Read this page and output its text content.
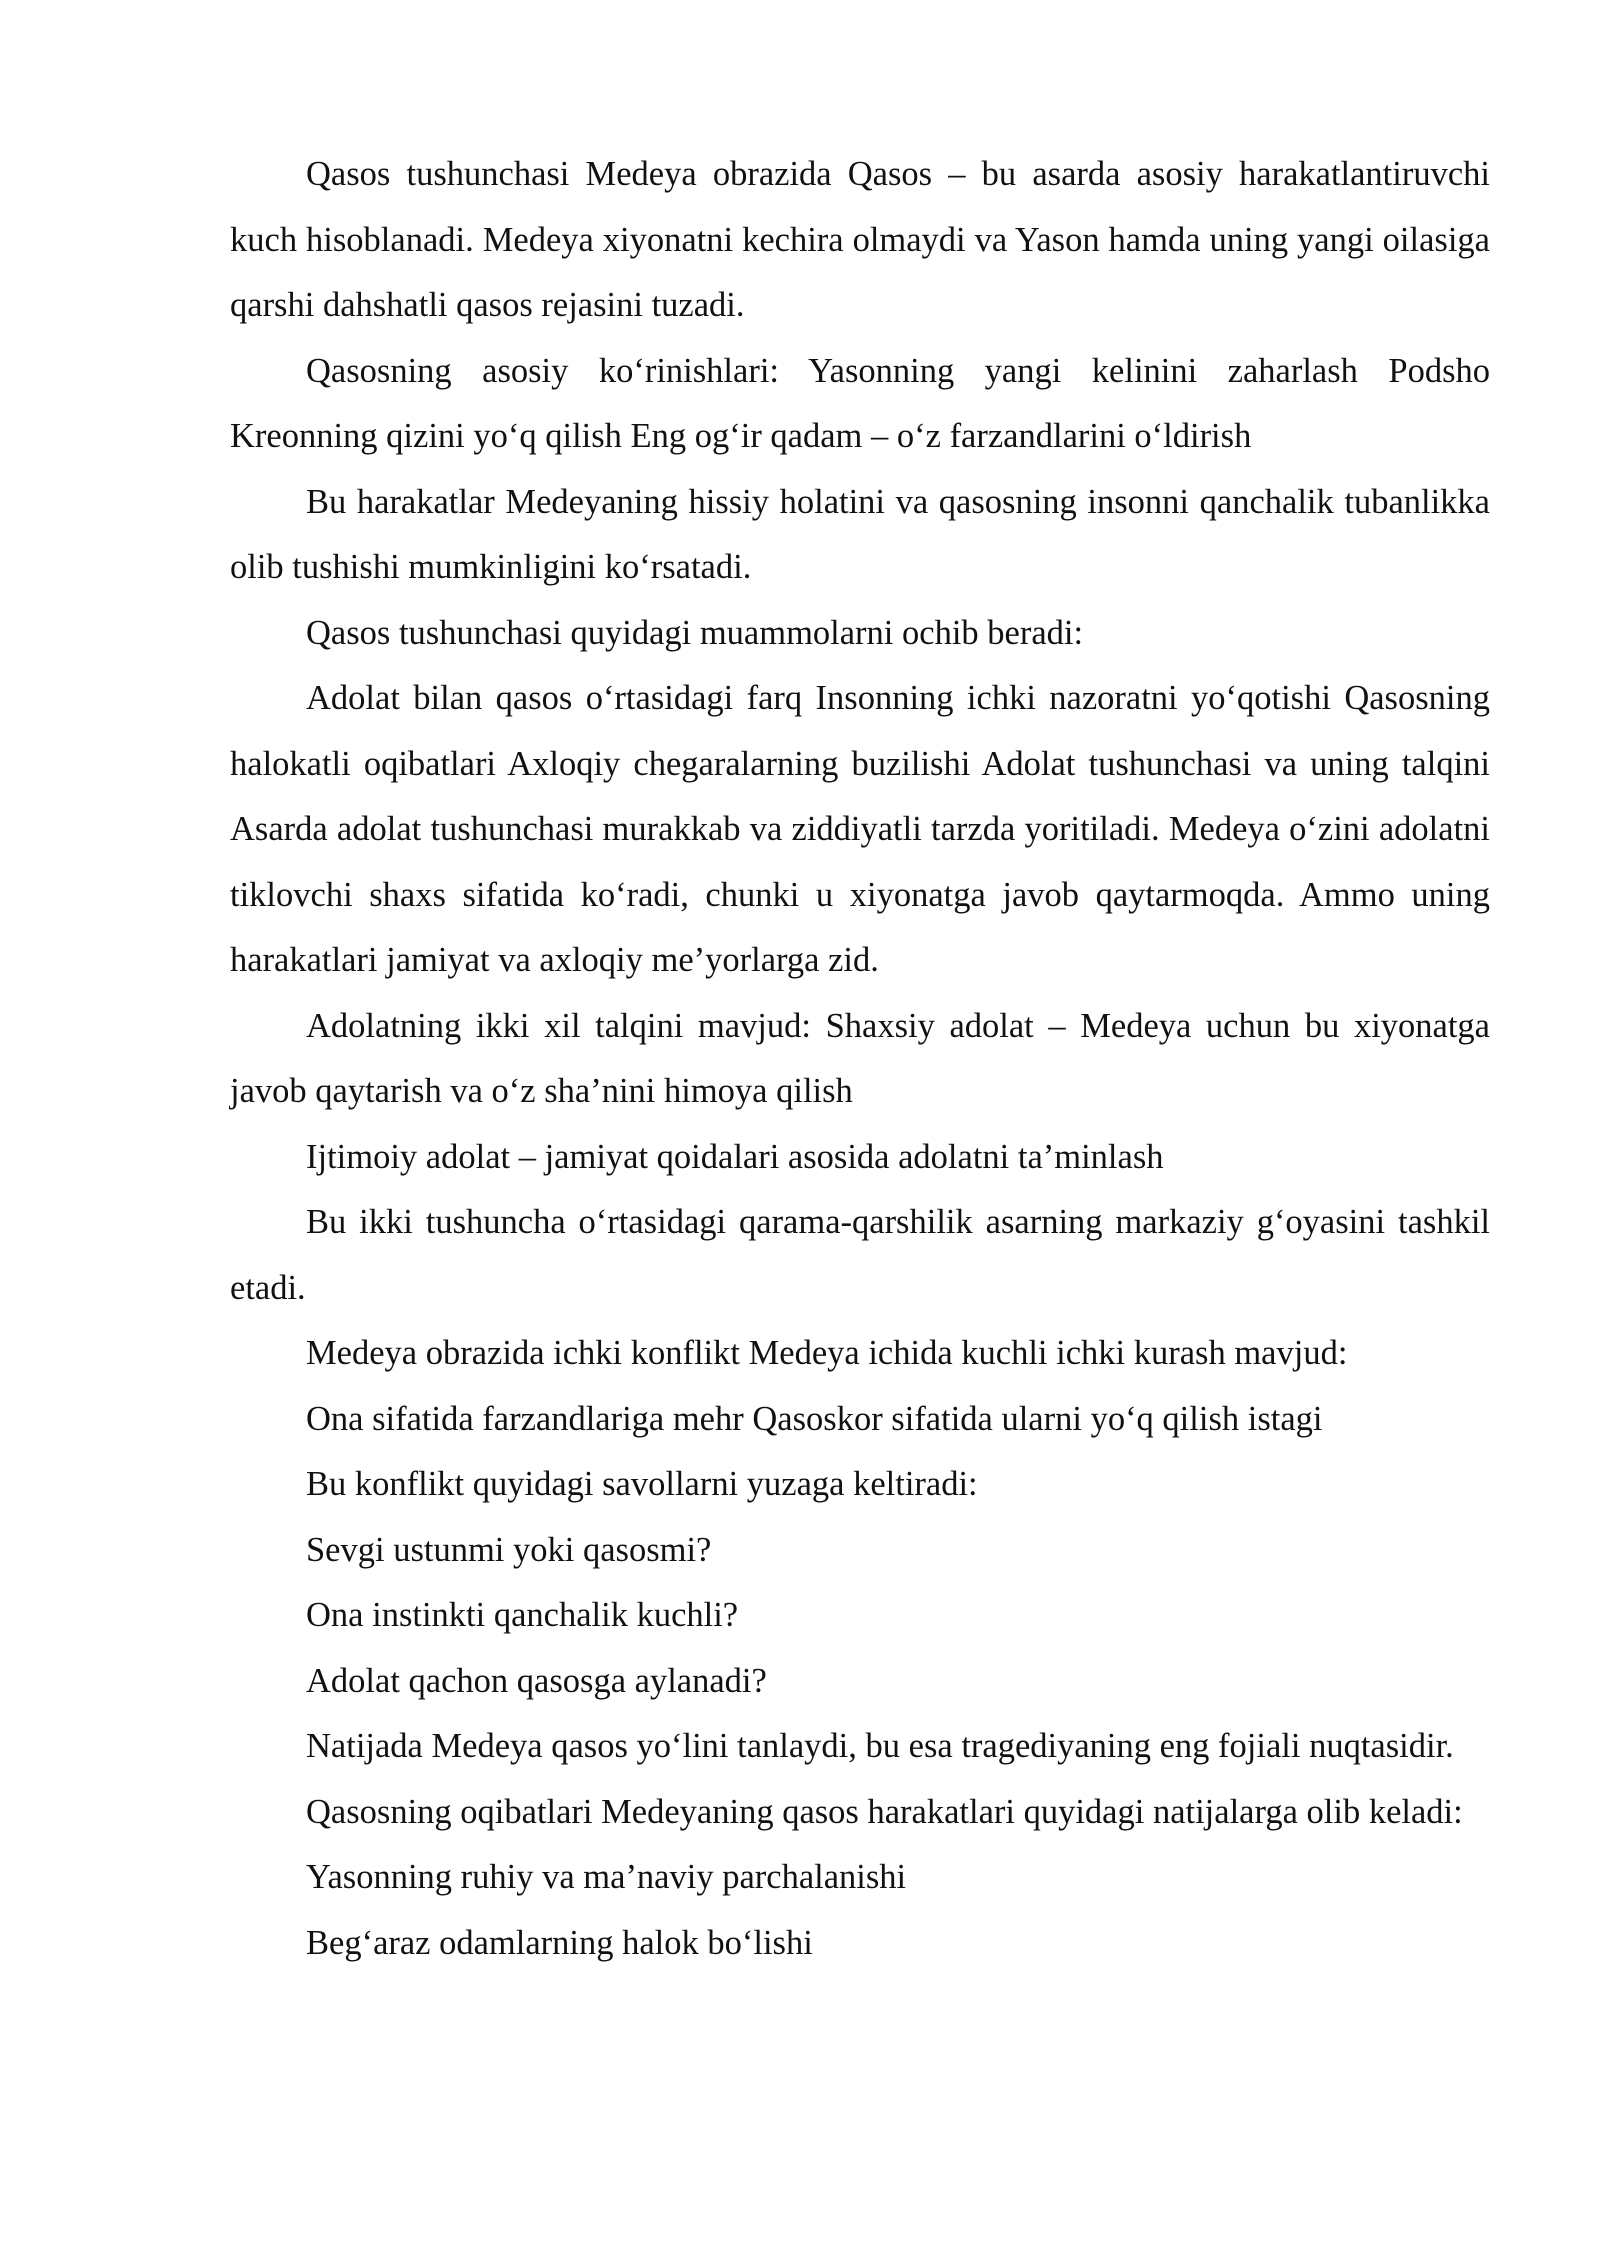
Qasos tushunchasi Medeya obrazida Qasos – bu asarda asosiy harakatlantiruvchi kuch hisoblanadi. Medeya xiyonatni kechira olmaydi va Yason hamda uning yangi oilasiga qarshi dahshatli qasos rejasini tuzadi.

Qasosning asosiy ko‘rinishlari: Yasonning yangi kelinini zaharlash Podsho Kreonning qizini yo‘q qilish Eng og‘ir qadam – o‘z farzandlarini o‘ldirish

Bu harakatlar Medeyaning hissiy holatini va qasosning insonni qanchalik tubanlikka olib tushishi mumkinligini ko‘rsatadi.

Qasos tushunchasi quyidagi muammolarni ochib beradi:

Adolat bilan qasos o‘rtasidagi farq Insonning ichki nazoratni yo‘qotishi Qasosning halokatli oqibatlari Axloqiy chegaralarning buzilishi Adolat tushunchasi va uning talqini Asarda adolat tushunchasi murakkab va ziddiyatli tarzda yoritiladi. Medeya o‘zini adolatni tiklovchi shaxs sifatida ko‘radi, chunki u xiyonatga javob qaytarmoqda. Ammo uning harakatlari jamiyat va axloqiy me’yorlarga zid.

Adolatning ikki xil talqini mavjud: Shaxsiy adolat – Medeya uchun bu xiyonatga javob qaytarish va o‘z sha’nini himoya qilish

Ijtimoiy adolat – jamiyat qoidalari asosida adolatni ta’minlash

Bu ikki tushuncha o‘rtasidagi qarama-qarshilik asarning markaziy g‘oyasini tashkil etadi.

Medeya obrazida ichki konflikt Medeya ichida kuchli ichki kurash mavjud:

Ona sifatida farzandlariga mehr Qasoskor sifatida ularni yo‘q qilish istagi

Bu konflikt quyidagi savollarni yuzaga keltiradi:

Sevgi ustunmi yoki qasosmi?

Ona instinkti qanchalik kuchli?

Adolat qachon qasosga aylanadi?

Natijada Medeya qasos yo‘lini tanlaydi, bu esa tragediyaning eng fojiali nuqtasidir.

Qasosning oqibatlari Medeyaning qasos harakatlari quyidagi natijalarga olib keladi:

Yasonning ruhiy va ma’naviy parchalanishi

Beg‘araz odamlarning halok bo‘lishi
